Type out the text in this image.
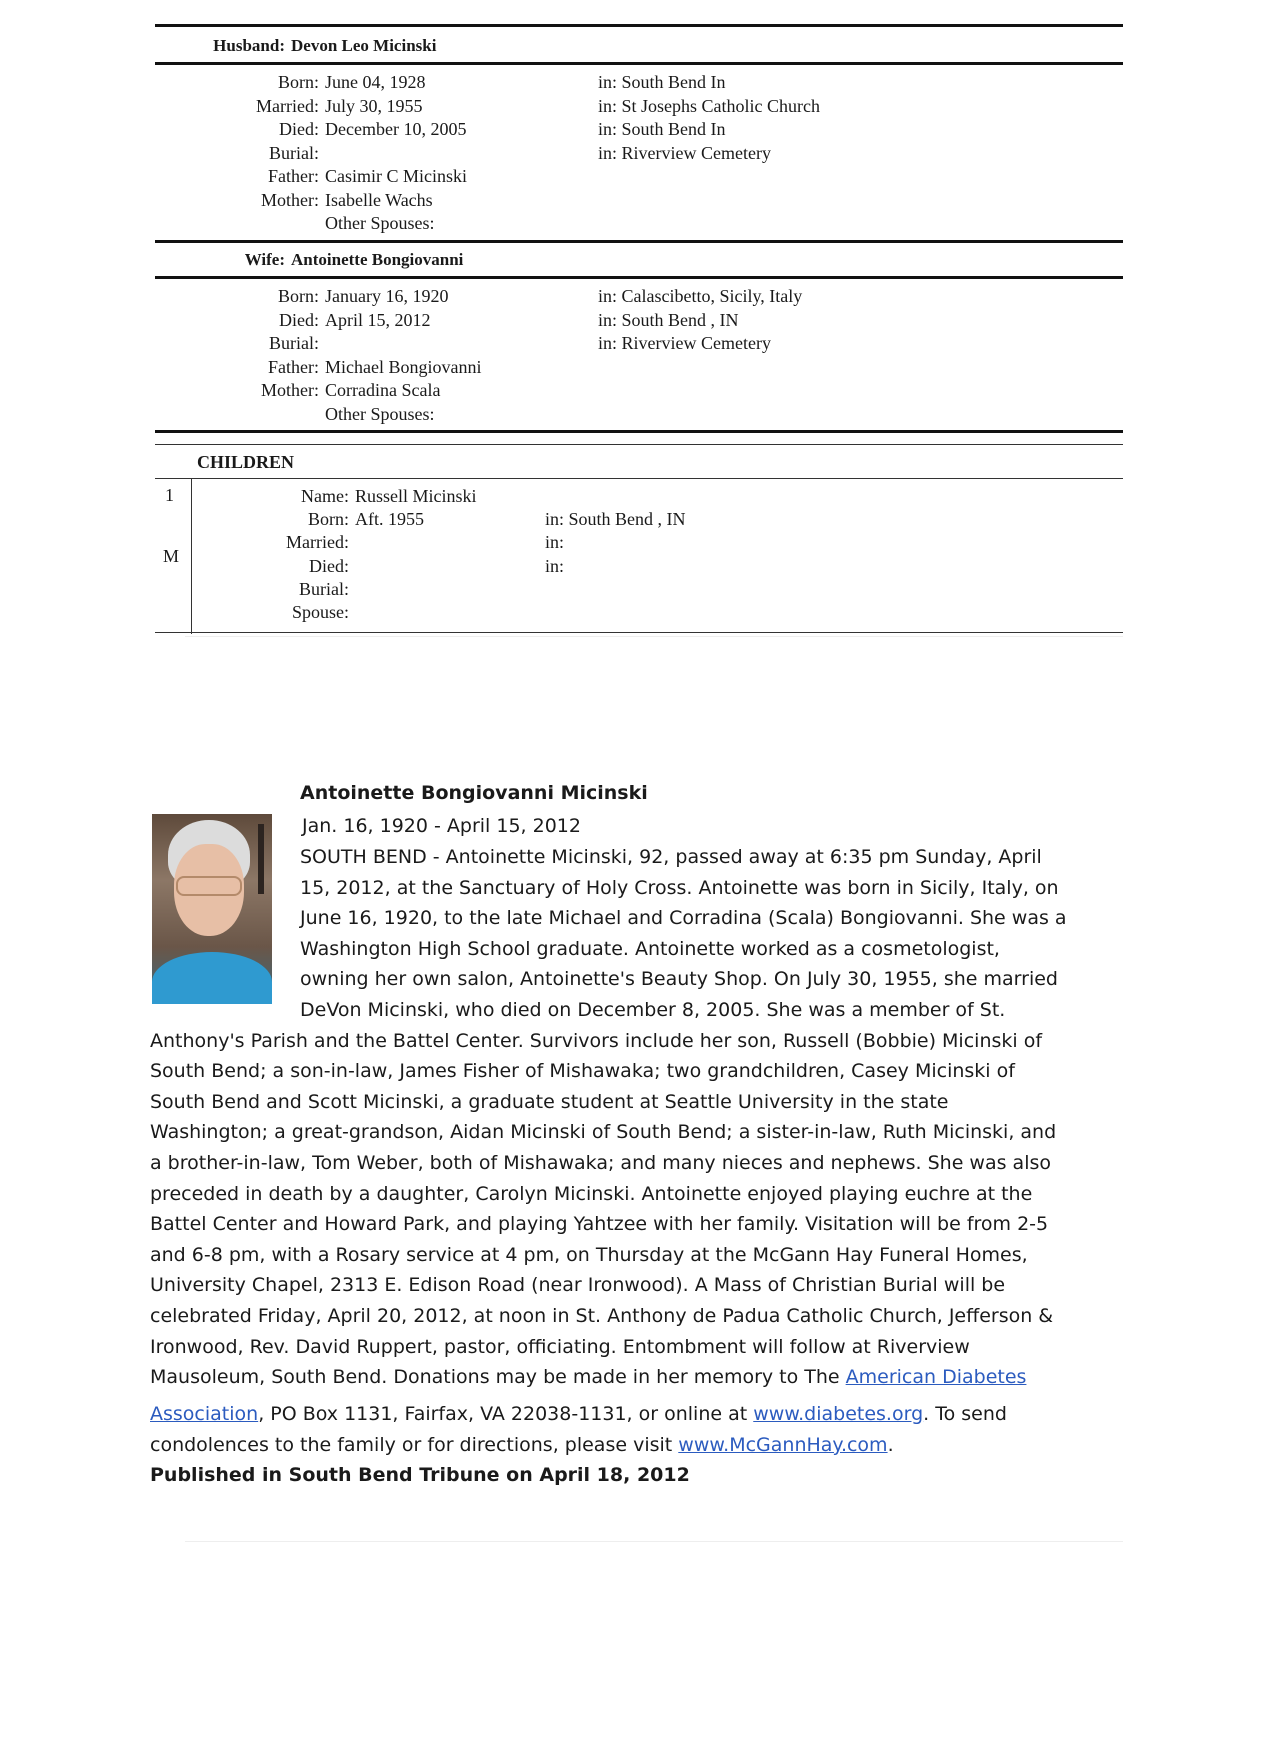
Husband: Devon Leo Micinski
Born: June 04, 1928	in: South Bend In
Married: July 30, 1955	in: St Josephs Catholic Church
Died: December 10, 2005	in: South Bend In
Burial:	in: Riverview Cemetery
Father: Casimir C Micinski
Mother: Isabelle Wachs
Other Spouses:
Wife: Antoinette Bongiovanni
Born: January 16, 1920	in: Calascibetto, Sicily, Italy
Died: April 15, 2012	in: South Bend , IN
Burial:	in: Riverview Cemetery
Father: Michael Bongiovanni
Mother: Corradina Scala
Other Spouses:
CHILDREN
1
M
Name: Russell Micinski
Born: Aft. 1955	in: South Bend , IN
Married:	in:
Died:	in:
Burial:
Spouse:
Antoinette Bongiovanni Micinski
Jan. 16, 1920 - April 15, 2012
SOUTH BEND - Antoinette Micinski, 92, passed away at 6:35 pm Sunday, April
15, 2012, at the Sanctuary of Holy Cross. Antoinette was born in Sicily, Italy, on
June 16, 1920, to the late Michael and Corradina (Scala) Bongiovanni. She was a
Washington High School graduate. Antoinette worked as a cosmetologist,
owning her own salon, Antoinette's Beauty Shop. On July 30, 1955, she married
DeVon Micinski, who died on December 8, 2005. She was a member of St.
Anthony's Parish and the Battel Center. Survivors include her son, Russell (Bobbie) Micinski of
South Bend; a son-in-law, James Fisher of Mishawaka; two grandchildren, Casey Micinski of
South Bend and Scott Micinski, a graduate student at Seattle University in the state
Washington; a great-grandson, Aidan Micinski of South Bend; a sister-in-law, Ruth Micinski, and
a brother-in-law, Tom Weber, both of Mishawaka; and many nieces and nephews. She was also
preceded in death by a daughter, Carolyn Micinski. Antoinette enjoyed playing euchre at the
Battel Center and Howard Park, and playing Yahtzee with her family. Visitation will be from 2-5
and 6-8 pm, with a Rosary service at 4 pm, on Thursday at the McGann Hay Funeral Homes,
University Chapel, 2313 E. Edison Road (near Ironwood). A Mass of Christian Burial will be
celebrated Friday, April 20, 2012, at noon in St. Anthony de Padua Catholic Church, Jefferson &
Ironwood, Rev. David Ruppert, pastor, officiating. Entombment will follow at Riverview
Mausoleum, South Bend. Donations may be made in her memory to The American Diabetes
Association, PO Box 1131, Fairfax, VA 22038-1131, or online at www.diabetes.org. To send
condolences to the family or for directions, please visit www.McGannHay.com.
Published in South Bend Tribune on April 18, 2012
